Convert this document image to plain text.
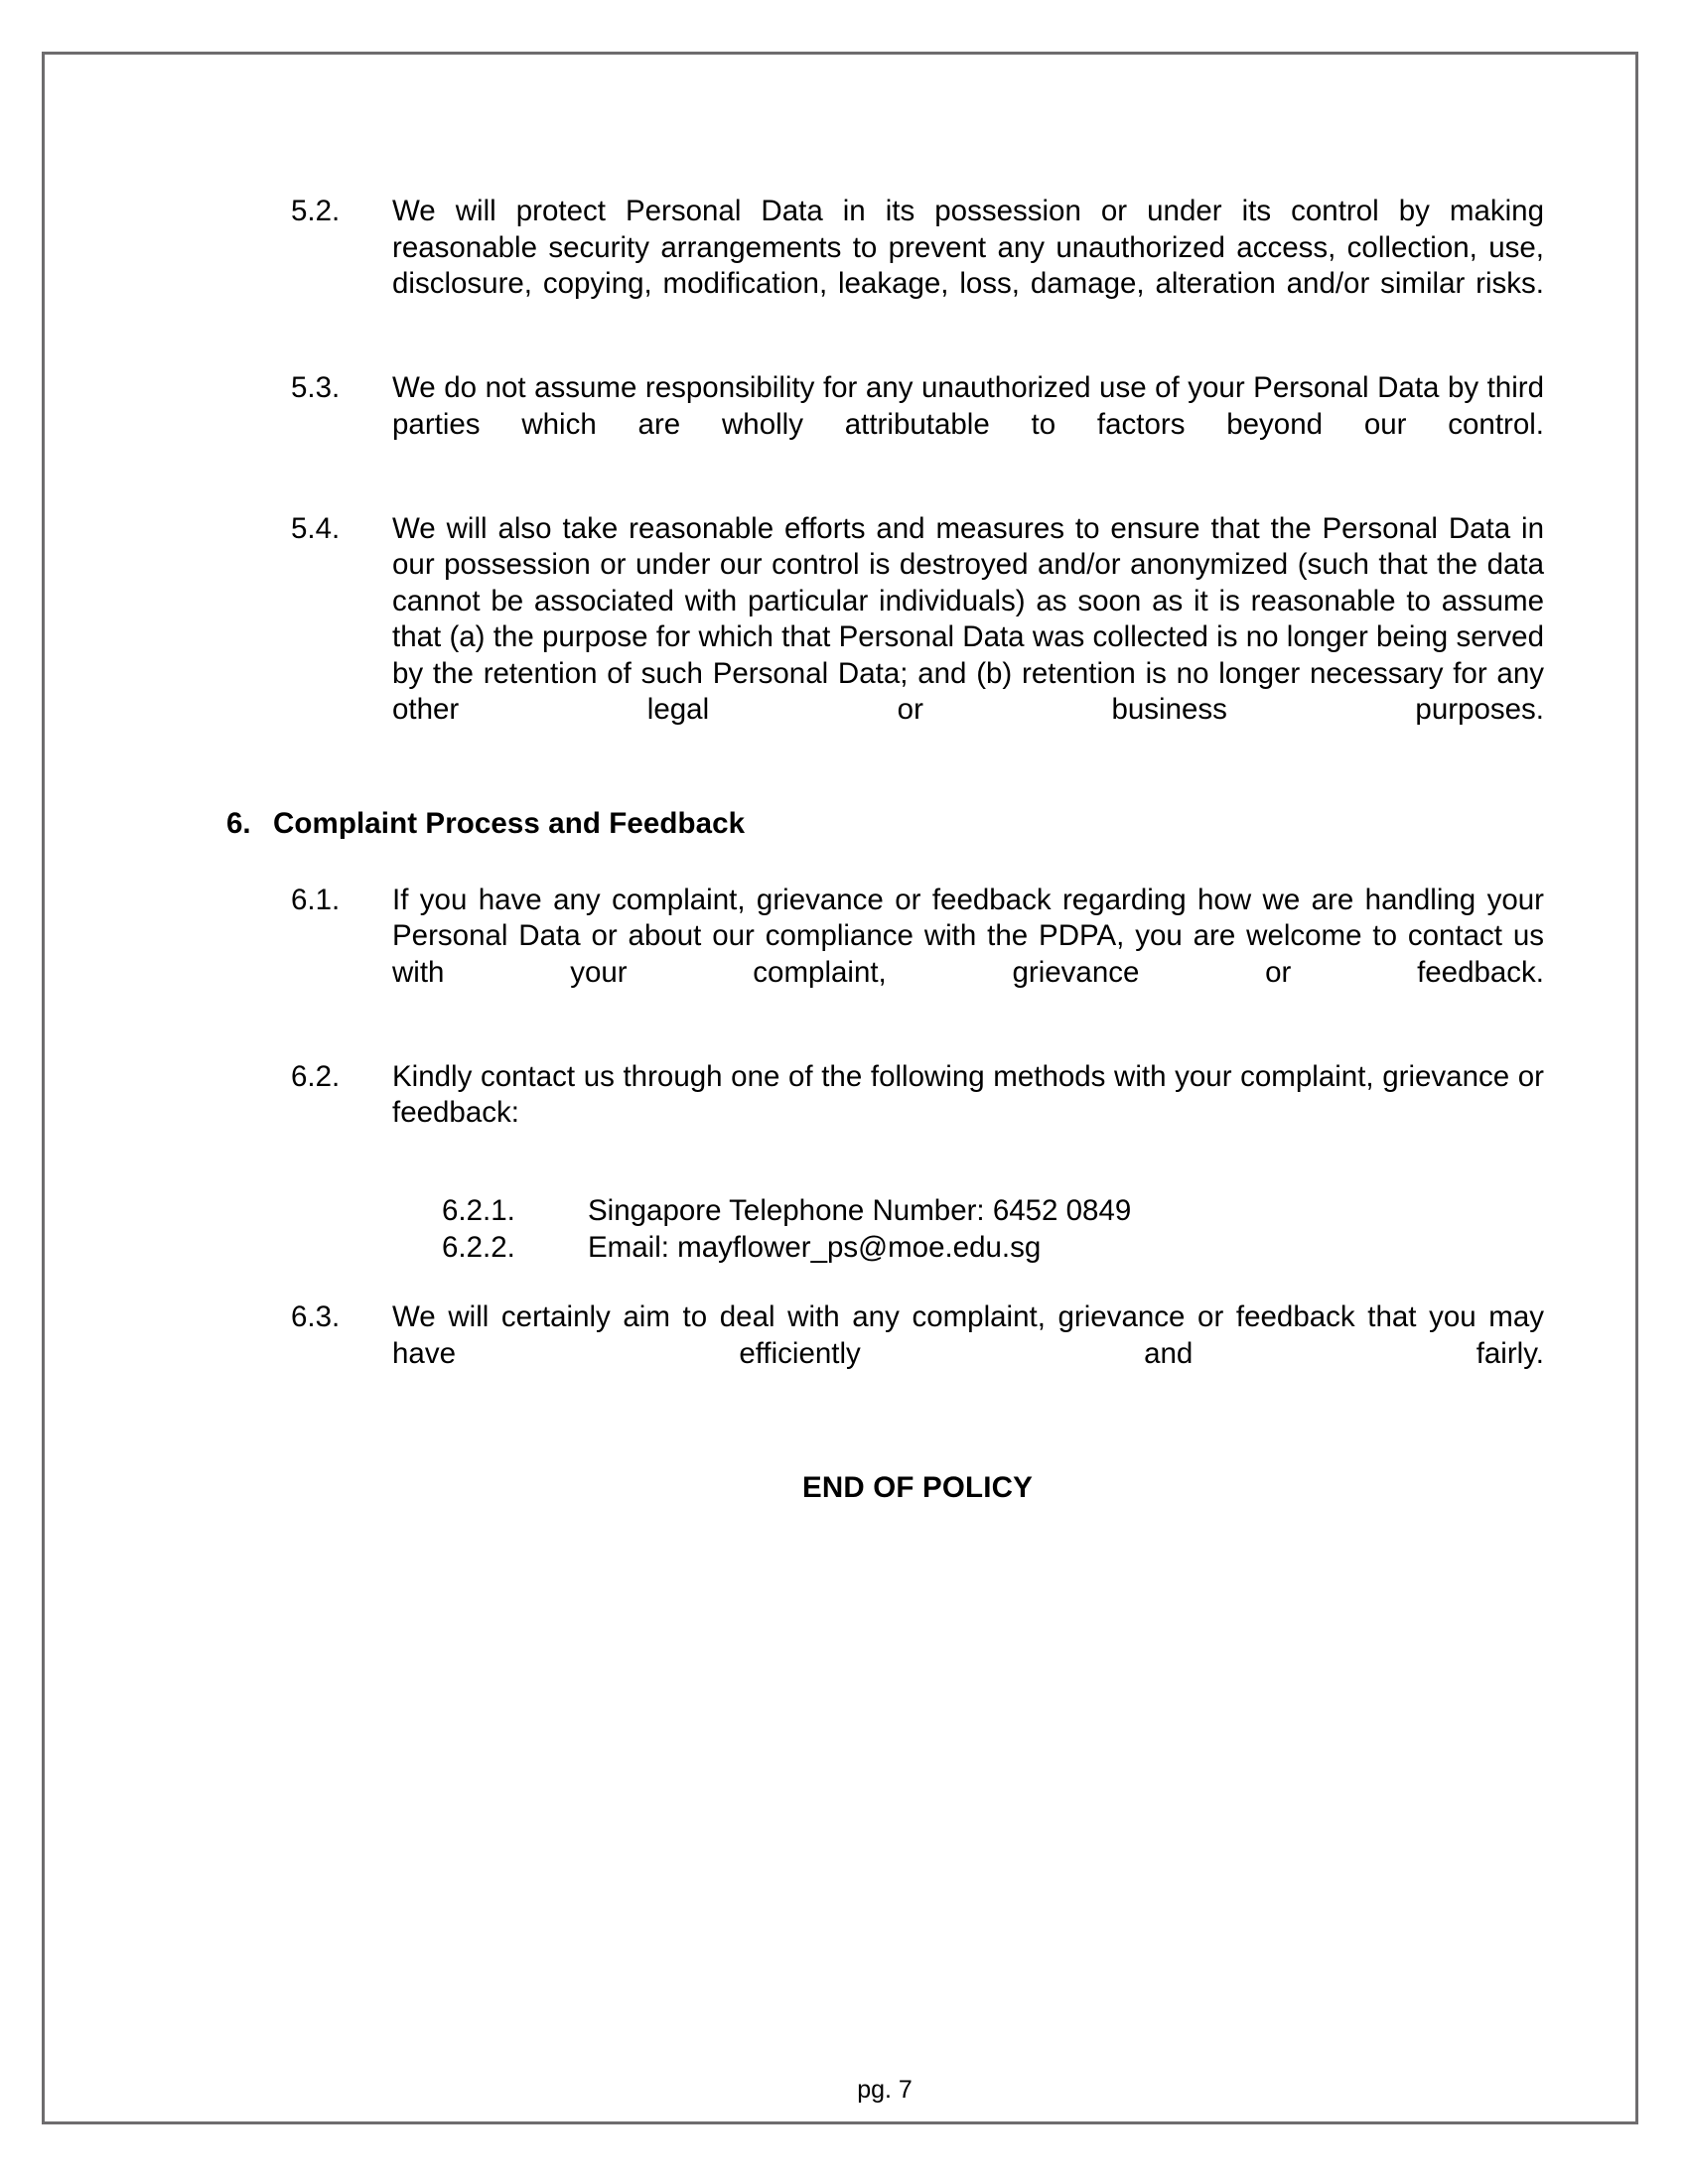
5.2.	We will protect Personal Data in its possession or under its control by making reasonable security arrangements to prevent any unauthorized access, collection, use, disclosure, copying, modification, leakage, loss, damage, alteration and/or similar risks.
5.3.	We do not assume responsibility for any unauthorized use of your Personal Data by third parties which are wholly attributable to factors beyond our control.
5.4.	We will also take reasonable efforts and measures to ensure that the Personal Data in our possession or under our control is destroyed and/or anonymized (such that the data cannot be associated with particular individuals) as soon as it is reasonable to assume that (a) the purpose for which that Personal Data was collected is no longer being served by the retention of such Personal Data; and (b) retention is no longer necessary for any other legal or business purposes.
6. Complaint Process and Feedback
6.1.	If you have any complaint, grievance or feedback regarding how we are handling your Personal Data or about our compliance with the PDPA, you are welcome to contact us with your complaint, grievance or feedback.
6.2.	Kindly contact us through one of the following methods with your complaint, grievance or feedback:
6.2.1.	Singapore Telephone Number: 6452 0849
6.2.2.	Email: mayflower_ps@moe.edu.sg
6.3.	We will certainly aim to deal with any complaint, grievance or feedback that you may have efficiently and fairly.
END OF POLICY
pg. 7
